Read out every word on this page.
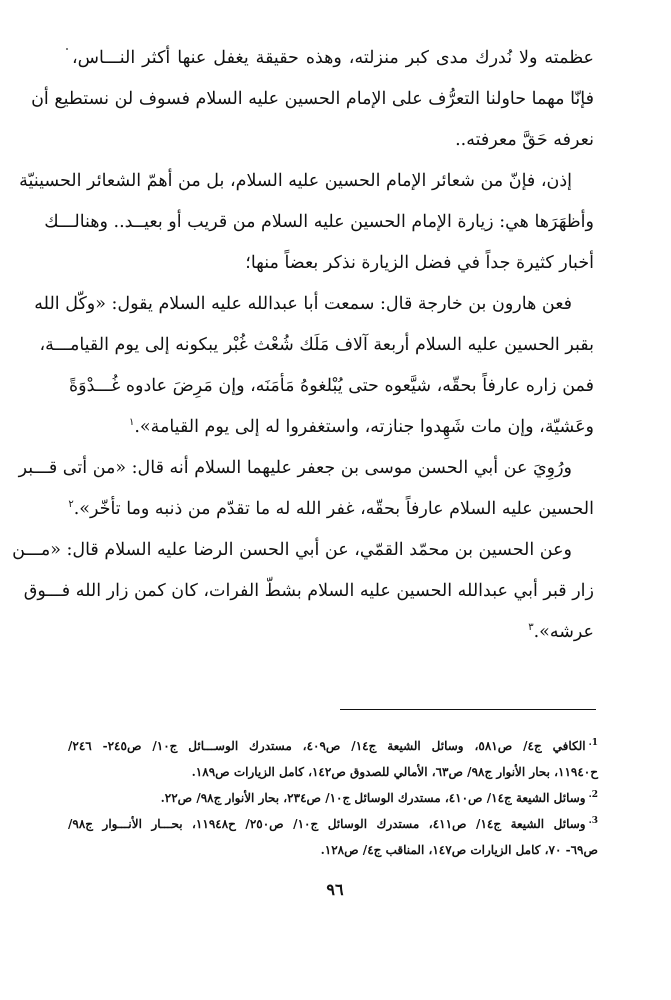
عظمته ولا نُدرك مدى كبر منزلته، وهذه حقيقة يغفل عنها أكثر النـــاس،
فإنّا مهما حاولنا التعرُّف على الإمام الحسين عليه السلام فسوف لن نستطيع أن
نعرفه حَقَّ معرفته..
إذن، فإنّ من شعائر الإمام الحسين عليه السلام، بل من أهمّ الشعائر الحسينيّة
وأظهَرَها هي: زيارة الإمام الحسين عليه السلام من قريب أو بعيــد.. وهنالـــك
أخبار كثيرة جداً في فضل الزيارة نذكر بعضاً منها؛
فعن هارون بن خارجة قال: سمعت أبا عبدالله عليه السلام يقول: «وكّل الله
بقبر الحسين عليه السلام أربعة آلاف مَلَك شُعْث غُبْر يبكونه إلى يوم القيامـــة،
فمن زاره عارفاً بحقّه، شيَّعوه حتى يُبْلغوهُ مَأمَنَه، وإن مَرِضَ عادوه غُـــدْوَةً
وعَشيّة، وإن مات شَهِدوا جنازته، واستغفروا له إلى يوم القيامة».$^١$
ورُوِيَ عن أبي الحسن موسى بن جعفر عليهما السلام أنه قال: «من أتى قـــبر
الحسين عليه السلام عارفاً بحقّه، غفر الله له ما تقدّم من ذنبه وما تأخّر».$^٢$
وعن الحسين بن محمّد القمّي، عن أبي الحسن الرضا عليه السلام قال: «مـــن
زار قبر أبي عبدالله الحسين عليه السلام بشطّ الفرات، كان كمن زار الله فـــوق
عرشه».$^٣$
$^{1.}$الكافي ج٤/ ص٥٨١، وسائل الشيعة ج١٤/ ص٤٠٩، مستدرك الوســـائل ج١٠/ ص٢٤٥- ٢٤٦/
ح١١٩٤٠، بحار الأنوار ج٩٨/ ص٦٣، الأمالي للصدوق ص١٤٢، كامل الزيارات ص١٨٩.
$^{2.}$وسائل الشيعة ج١٤/ ص٤١٠، مستدرك الوسائل ج١٠/ ص٢٣٤، بحار الأنوار ج٩٨/ ص٢٢.
$^{3.}$وسائل الشيعة ج١٤/ ص٤١١، مستدرك الوسائل ج١٠/ ص٢٥٠/ ح١١٩٤٨، بحـــار الأنـــوار ج٩٨/
ص٦٩- ٧٠، كامل الزيارات ص١٤٧، المناقب ج٤/ ص١٢٨.
٩٦
